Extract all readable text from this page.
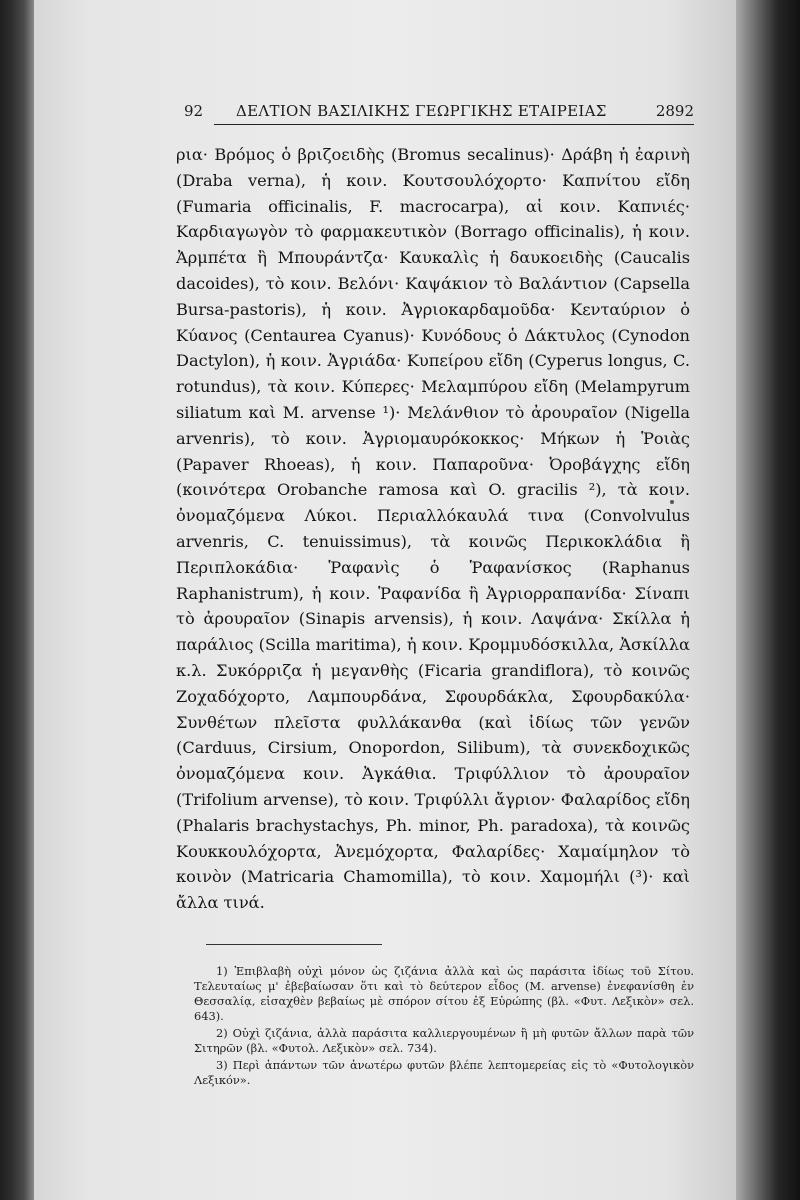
92 ΔΕΛΤΙΟΝ ΒΑΣΙΛΙΚΗΣ ΓΕΩΡΓΙΚΗΣ ΕΤΑΙΡΕΙΑΣ	2892

ρια· Βρόμος ὁ βριζοειδὴς (Bromus secalinus)· Δράβη ἡ ἐαρινὴ (Draba verna), ἡ κοιν. Κουτσουλόχορτο· Καπνίτου εἴδη (Fumaria officinalis, F. macrocarpa), αἱ κοιν. Καπνιές· Καρδιαγωγὸν τὸ φαρμακευτικὸν (Borrago officinalis), ἡ κοιν. Ἀρμπέτα ἢ Μπουράντζα· Καυκαλὶς ἡ δαυκοειδὴς (Caucalis dacoides), τὸ κοιν. Βελόνι· Καψάκιον τὸ Βαλάντιον (Capsella Bursa-pastoris), ἡ κοιν. Ἀγριοκαρδαμοῦδα· Κενταύριον ὁ Κύανος (Centaurea Cyanus)· Κυνόδους ὁ Δάκτυλος (Cynodon Dactylon), ἡ κοιν. Ἀγριάδα· Κυπείρου εἴδη (Cyperus longus, C. rotundus), τὰ κοιν. Κύπερες· Μελαμπύρου εἴδη (Melampyrum siliatum καὶ M. arvense ¹)· Μελάνθιον τὸ ἀρουραῖον (Nigella arvenris), τὸ κοιν. Ἀγριομαυρόκοκκος· Μήκων ἡ Ῥοιὰς (Papaver Rhoeas), ἡ κοιν. Παπαροῦνα· Ὀροβάγχης εἴδη (κοινότερα Orobanche ramosa καὶ O. gracilis ²), τὰ κοιν. ὀνομαζόμενα Λύκοι. Περιαλλόκαυλά τινα (Convolvulus arvenris, C. tenuissimus), τὰ κοινῶς Περικοκλάδια ἢ Περιπλοκάδια· Ῥαφανὶς ὁ Ῥαφανίσκος (Raphanus Raphanistrum), ἡ κοιν. Ῥαφανίδα ἢ Ἀγριορραπανίδα· Σίναπι τὸ ἀρουραῖον (Sinapis arvensis), ἡ κοιν. Λαψάνα· Σκίλλα ἡ παράλιος (Scilla maritima), ἡ κοιν. Κρομμυδόσκιλλα, Ἀσκίλλα κ.λ. Συκόρριζα ἡ μεγανθὴς (Ficaria grandiflora), τὸ κοινῶς Ζοχαδόχορτο, Λαμπουρδάνα, Σφουρδάκλα, Σφουρδακύλα· Συνθέτων πλεῖστα φυλλάκανθα (καὶ ἰδίως τῶν γενῶν (Carduus, Cirsium, Onopordon, Silibum), τὰ συνεκδοχικῶς ὀνομαζόμενα κοιν. Ἀγκάθια. Τριφύλλιον τὸ ἀρουραῖον (Trifolium arvense), τὸ κοιν. Τριφύλλι ἄγριον· Φαλαρίδος εἴδη (Phalaris brachystachys, Ph. minor, Ph. paradoxa), τὰ κοινῶς Κουκκουλόχορτα, Ἀνεμόχορτα, Φαλαρίδες· Χαμαίμηλον τὸ κοινὸν (Matricaria Chamomilla), τὸ κοιν. Χαμομήλι (³)· καὶ ἄλλα τινά.

1) Ἐπιβλαβὴ οὐχὶ μόνον ὡς ζιζάνια ἀλλὰ καὶ ὡς παράσιτα ἰδίως τοῦ Σίτου. Τελευταίως μ' ἐβεβαίωσαν ὅτι καὶ τὸ δεύτερον εἶδος (M. arvense) ἐνεφανίσθη ἐν Θεσσαλίᾳ, εἰσαχθὲν βεβαίως μὲ σπόρον σίτου ἐξ Εὐρώπης (βλ. «Φυτ. Λεξικὸν» σελ. 643).

2) Οὐχὶ ζιζάνια, ἀλλὰ παράσιτα καλλιεργουμένων ἢ μὴ φυτῶν ἄλλων παρὰ τῶν Σιτηρῶν (βλ. «Φυτολ. Λεξικὸν» σελ. 734).

3) Περὶ ἁπάντων τῶν ἀνωτέρω φυτῶν βλέπε λεπτομερείας εἰς τὸ «Φυτολογικὸν Λεξικόν».
